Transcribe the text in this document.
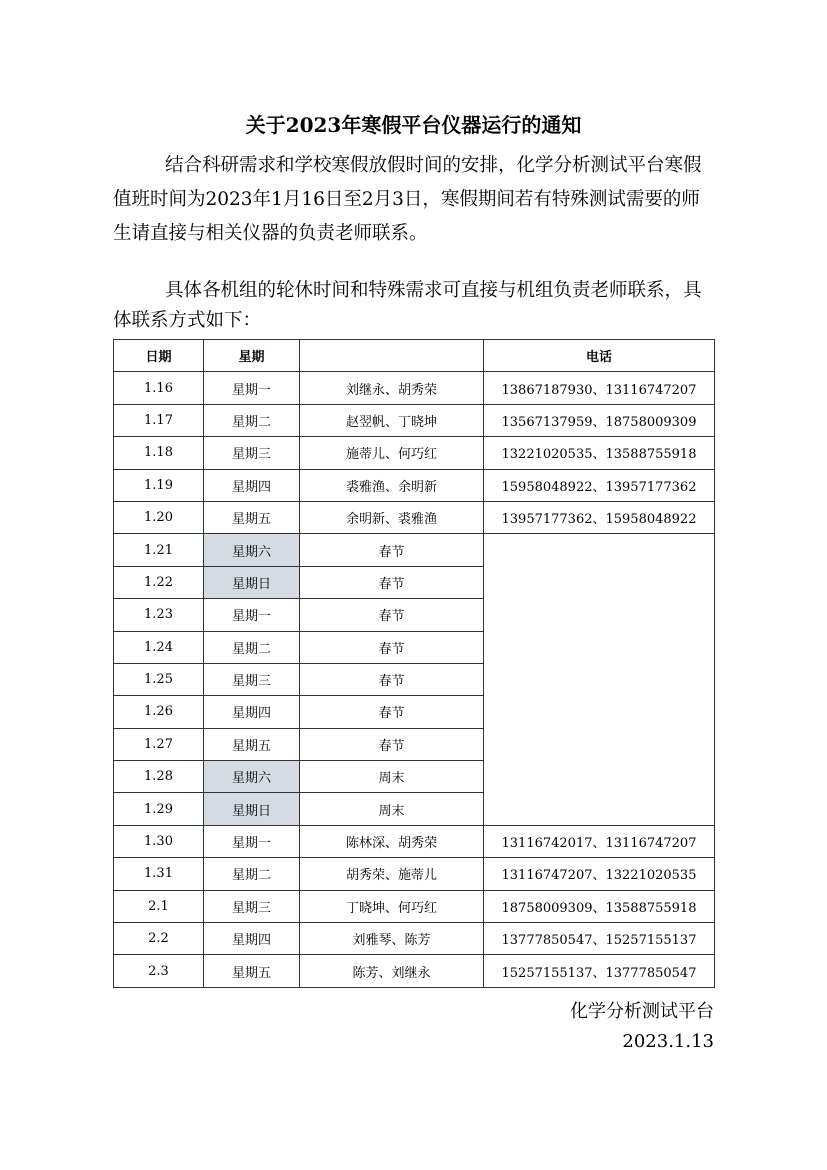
关于2023年寒假平台仪器运行的通知
结合科研需求和学校寒假放假时间的安排，化学分析测试平台寒假值班时间为2023年1月16日至2月3日，寒假期间若有特殊测试需要的师生请直接与相关仪器的负责老师联系。
具体各机组的轮休时间和特殊需求可直接与机组负责老师联系，具体联系方式如下：
日期	星期		电话
1.16	星期一	刘继永、胡秀荣	13867187930、13116747207
1.17	星期二	赵翌帆、丁晓坤	13567137959、18758009309
1.18	星期三	施蒂儿、何巧红	13221020535、13588755918
1.19	星期四	裘雅渔、余明新	15958048922、13957177362
1.20	星期五	余明新、裘雅渔	13957177362、15958048922
1.21	星期六	春节	
1.22	星期日	春节	
1.23	星期一	春节	
1.24	星期二	春节	
1.25	星期三	春节	
1.26	星期四	春节	
1.27	星期五	春节	
1.28	星期六	周末	
1.29	星期日	周末	
1.30	星期一	陈林深、胡秀荣	13116742017、13116747207
1.31	星期二	胡秀荣、施蒂儿	13116747207、13221020535
2.1	星期三	丁晓坤、何巧红	18758009309、13588755918
2.2	星期四	刘雅琴、陈芳	13777850547、15257155137
2.3	星期五	陈芳、刘继永	15257155137、13777850547
化学分析测试平台
2023.1.13
